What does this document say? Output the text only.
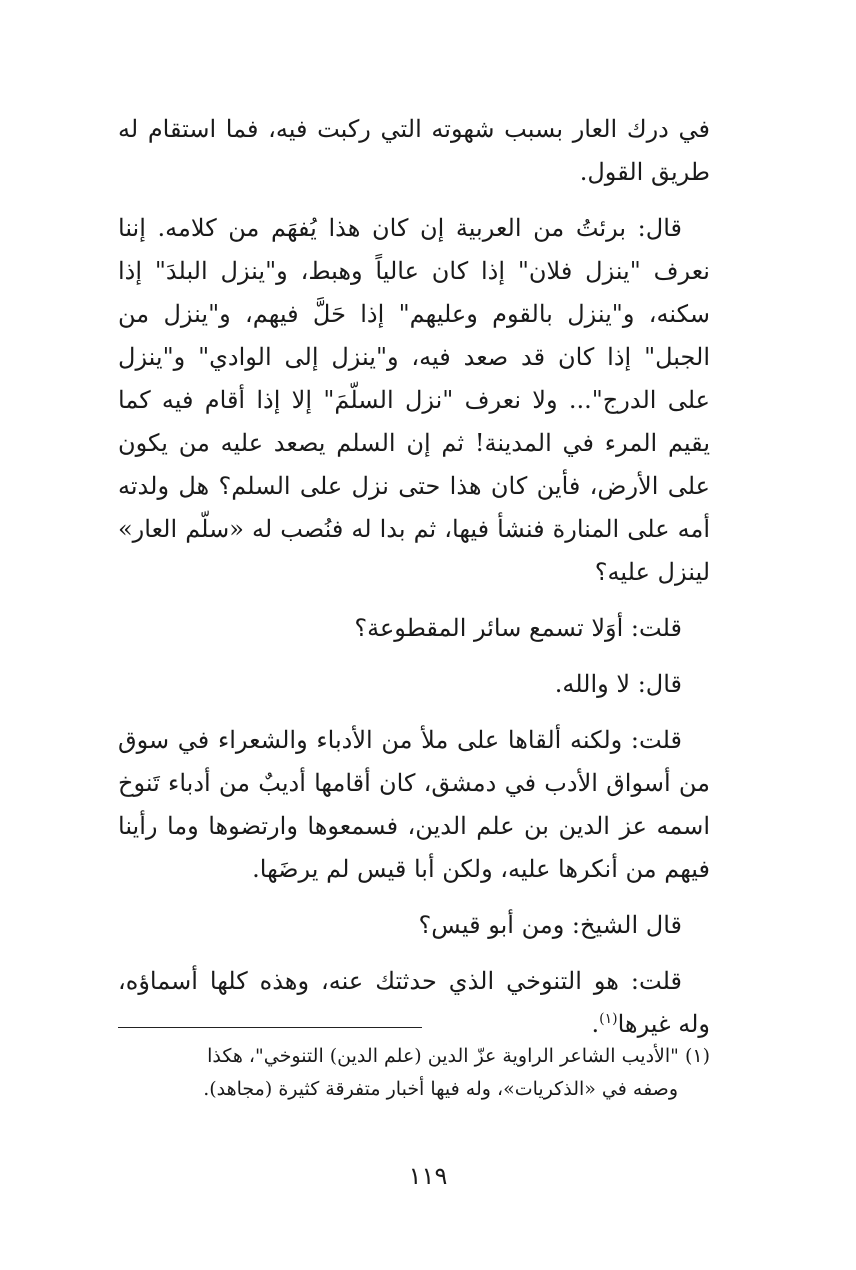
في درك العار بسبب شهوته التي ركبت فيه، فما استقام له طريق القول.

قال: برئتُ من العربية إن كان هذا يُفهَم من كلامه. إننا نعرف "ينزل فلان" إذا كان عالياً وهبط، و"ينزل البلدَ" إذا سكنه، و"ينزل بالقوم وعليهم" إذا حَلَّ فيهم، و"ينزل من الجبل" إذا كان قد صعد فيه، و"ينزل إلى الوادي" و"ينزل على الدرج"... ولا نعرف "نزل السلّمَ" إلا إذا أقام فيه كما يقيم المرء في المدينة! ثم إن السلم يصعد عليه من يكون على الأرض، فأين كان هذا حتى نزل على السلم؟ هل ولدته أمه على المنارة فنشأ فيها، ثم بدا له فنُصب له «سلّم العار» لينزل عليه؟

قلت: أوَلا تسمع سائر المقطوعة؟

قال: لا والله.

قلت: ولكنه ألقاها على ملأ من الأدباء والشعراء في سوق من أسواق الأدب في دمشق، كان أقامها أديبٌ من أدباء تَنوخ اسمه عز الدين بن علم الدين، فسمعوها وارتضوها وما رأينا فيهم من أنكرها عليه، ولكن أبا قيس لم يرضَها.

قال الشيخ: ومن أبو قيس؟

قلت: هو التنوخي الذي حدثتك عنه، وهذه كلها أسماؤه، وله غيرها$^{(١)}$.

(١) "الأديب الشاعر الراوية عزّ الدين (علم الدين) التنوخي"، هكذا

وصفه في «الذكريات»، وله فيها أخبار متفرقة كثيرة (مجاهد).

١١٩
